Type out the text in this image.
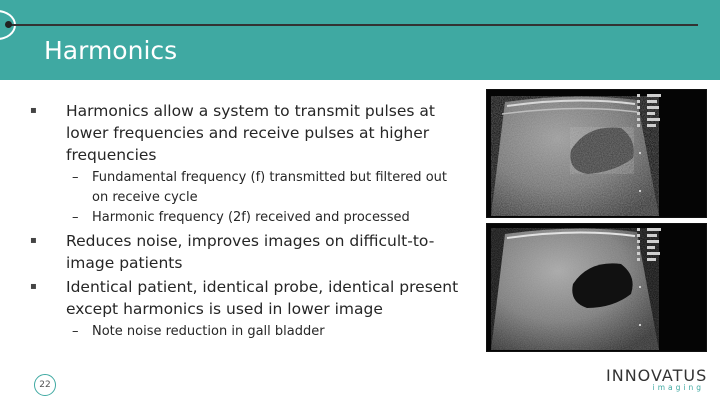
Harmonics
▪ Harmonics allow a system to transmit pulses at lower frequencies and receive pulses at higher frequencies
– Fundamental frequency (f) transmitted but filtered out on receive cycle
– Harmonic frequency (2f) received and processed
▪ Reduces noise, improves images on difficult-to-image patients
▪ Identical patient, identical probe, identical present except harmonics is used in lower image
– Note noise reduction in gall bladder
22	INNOVATUS
imaging
